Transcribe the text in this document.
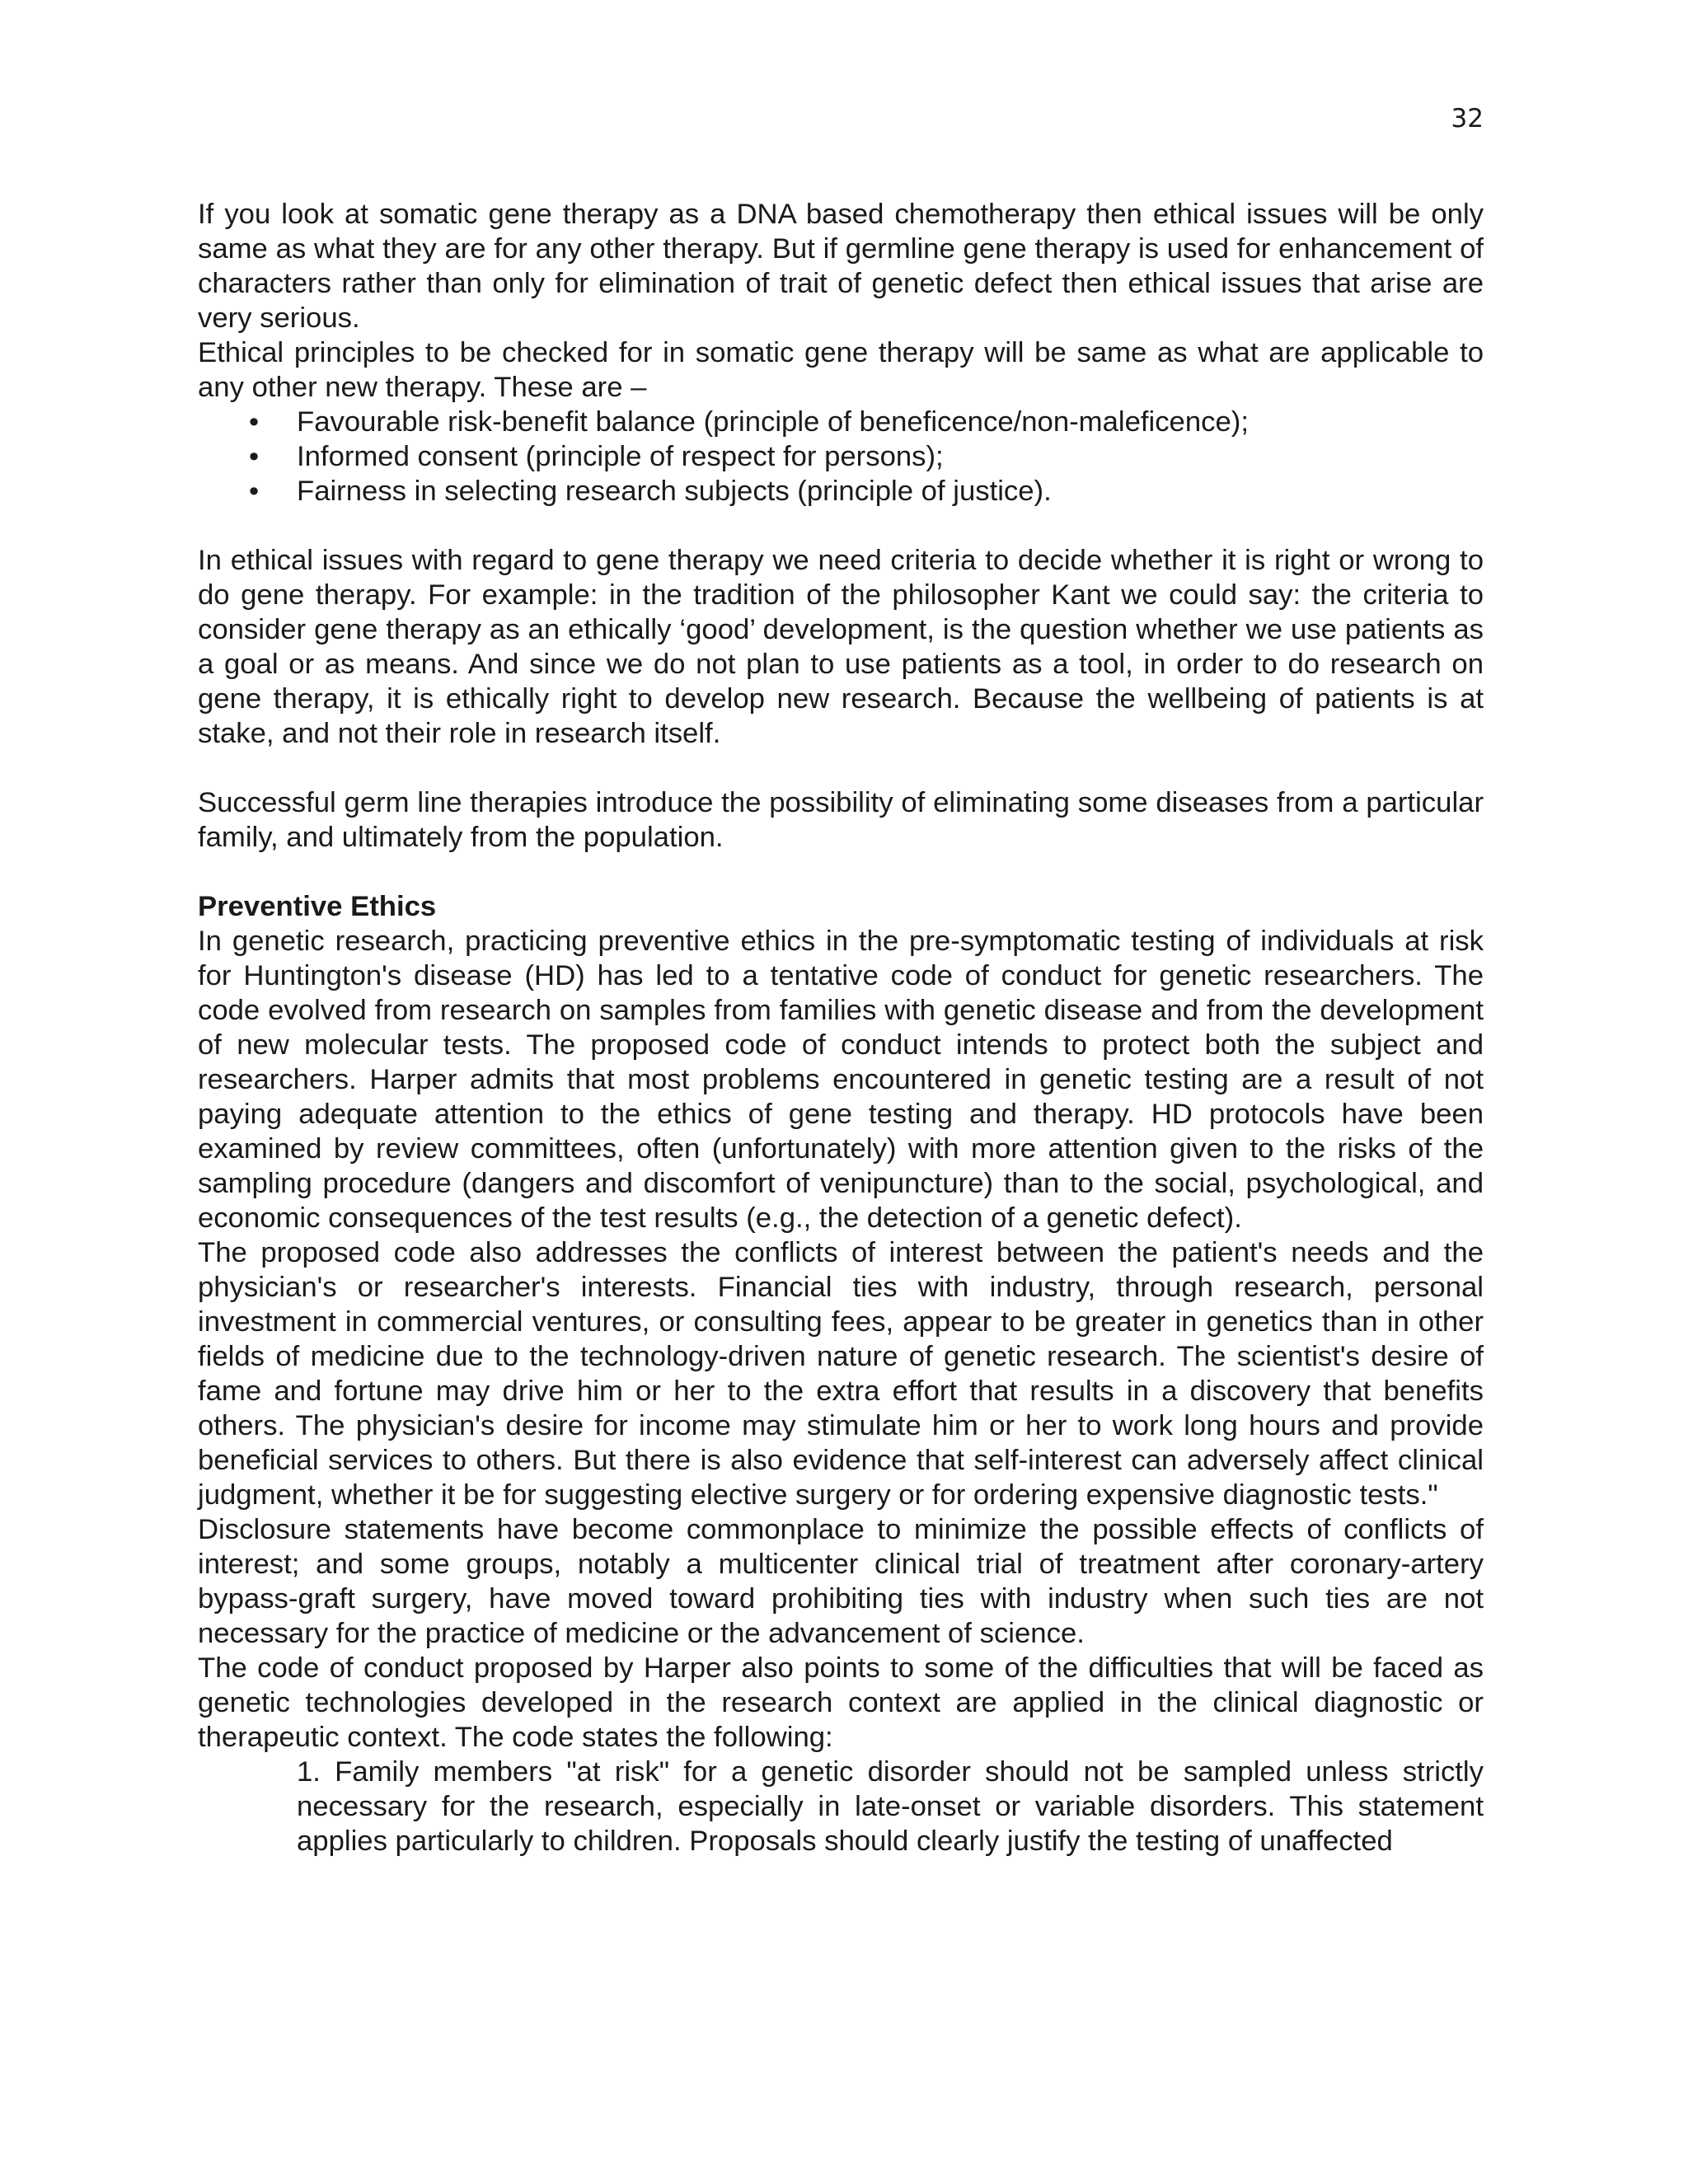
32

If you look at somatic gene therapy as a DNA based chemotherapy then ethical issues will be only same as what they are for any other therapy. But if germline gene therapy is used for enhancement of characters rather than only for elimination of trait of genetic defect then ethical issues that arise are very serious.

Ethical principles to be checked for in somatic gene therapy will be same as what are applicable to any other new therapy. These are –

• Favourable risk-benefit balance (principle of beneficence/non-maleficence);
• Informed consent (principle of respect for persons);
• Fairness in selecting research subjects (principle of justice).

In ethical issues with regard to gene therapy we need criteria to decide whether it is right or wrong to do gene therapy. For example: in the tradition of the philosopher Kant we could say: the criteria to consider gene therapy as an ethically ‘good’ development, is the question whether we use patients as a goal or as means. And since we do not plan to use patients as a tool, in order to do research on gene therapy, it is ethically right to develop new research. Because the wellbeing of patients is at stake, and not their role in research itself.

Successful germ line therapies introduce the possibility of eliminating some diseases from a particular family, and ultimately from the population.

Preventive Ethics

In genetic research, practicing preventive ethics in the pre-symptomatic testing of individuals at risk for Huntington's disease (HD) has led to a tentative code of conduct for genetic researchers. The code evolved from research on samples from families with genetic disease and from the development of new molecular tests. The proposed code of conduct intends to protect both the subject and researchers. Harper admits that most problems encountered in genetic testing are a result of not paying adequate attention to the ethics of gene testing and therapy. HD protocols have been examined by review committees, often (unfortunately) with more attention given to the risks of the sampling procedure (dangers and discomfort of venipuncture) than to the social, psychological, and economic consequences of the test results (e.g., the detection of a genetic defect).

The proposed code also addresses the conflicts of interest between the patient's needs and the physician's or researcher's interests. Financial ties with industry, through research, personal investment in commercial ventures, or consulting fees, appear to be greater in genetics than in other fields of medicine due to the technology-driven nature of genetic research. The scientist's desire of fame and fortune may drive him or her to the extra effort that results in a discovery that benefits others. The physician's desire for income may stimulate him or her to work long hours and provide beneficial services to others. But there is also evidence that self-interest can adversely affect clinical judgment, whether it be for suggesting elective surgery or for ordering expensive diagnostic tests."

Disclosure statements have become commonplace to minimize the possible effects of conflicts of interest; and some groups, notably a multicenter clinical trial of treatment after coronary-artery bypass-graft surgery, have moved toward prohibiting ties with industry when such ties are not necessary for the practice of medicine or the advancement of science.

The code of conduct proposed by Harper also points to some of the difficulties that will be faced as genetic technologies developed in the research context are applied in the clinical diagnostic or therapeutic context. The code states the following:

1. Family members "at risk" for a genetic disorder should not be sampled unless strictly necessary for the research, especially in late-onset or variable disorders. This statement applies particularly to children. Proposals should clearly justify the testing of unaffected
